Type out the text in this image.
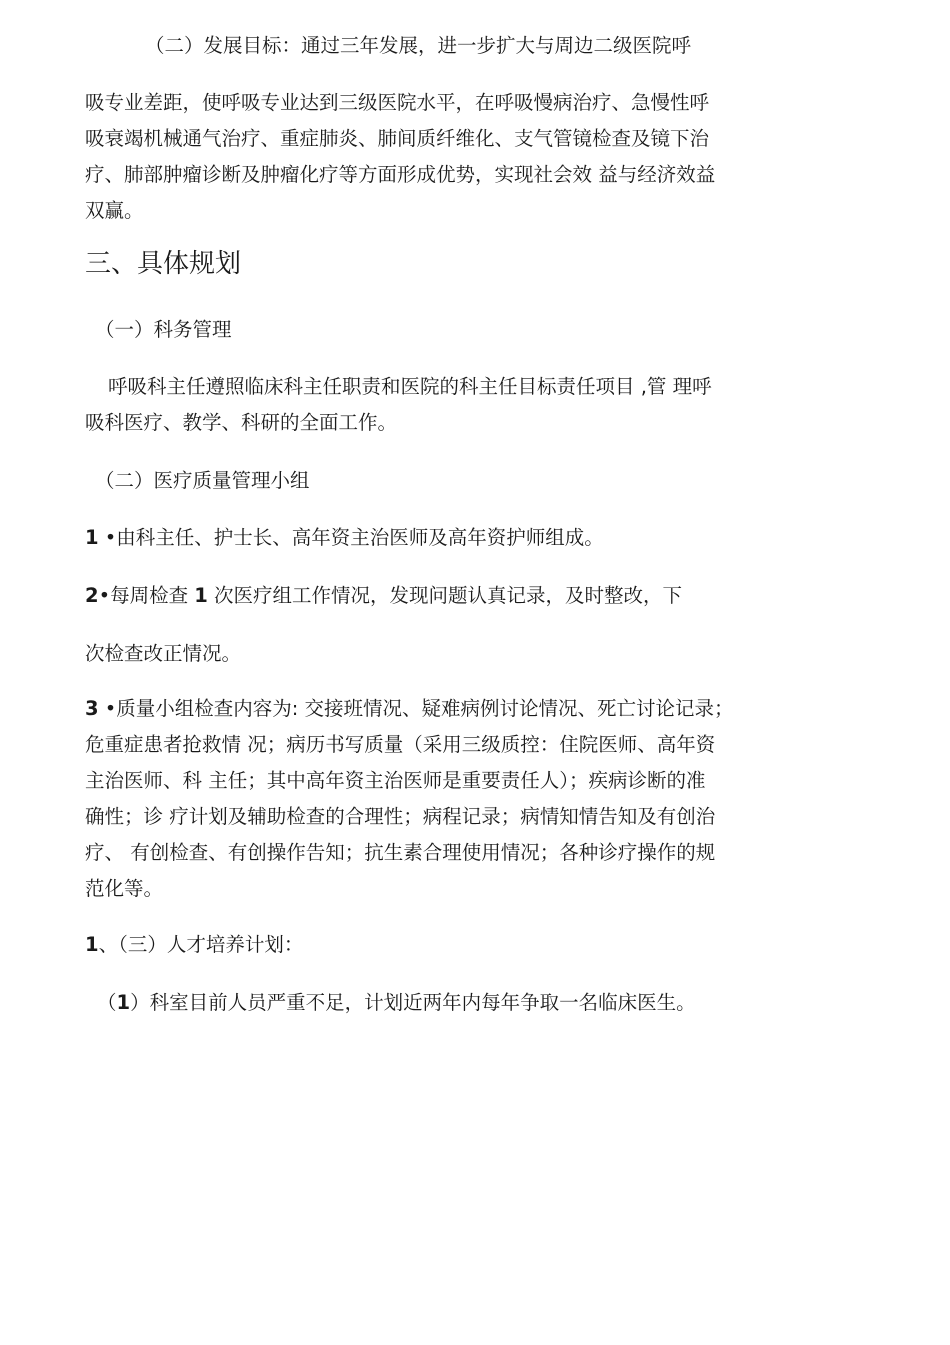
（二）发展目标：通过三年发展，进一步扩大与周边二级医院呼
吸专业差距，使呼吸专业达到三级医院水平，在呼吸慢病治疗、急慢性呼
吸衰竭机械通气治疗、重症肺炎、肺间质纤维化、支气管镜检查及镜下治
疗、肺部肿瘤诊断及肿瘤化疗等方面形成优势，实现社会效 益与经济效益
双赢。
三、具体规划
（一）科务管理
呼吸科主任遵照临床科主任职责和医院的科主任目标责任项目 ,管 理呼
吸科医疗、教学、科研的全面工作。
（二）医疗质量管理小组
1 •由科主任、护士长、高年资主治医师及高年资护师组成。
2•每周检查 1 次医疗组工作情况，发现问题认真记录，及时整改，下
次检查改正情况。
3 •质量小组检查内容为: 交接班情况、疑难病例讨论情况、死亡讨论记录；
危重症患者抢救情 况；病历书写质量（采用三级质控：住院医师、高年资
主治医师、科 主任；其中高年资主治医师是重要责任人）；疾病诊断的准
确性；诊 疗计划及辅助检查的合理性；病程记录；病情知情告知及有创治
疗、 有创检查、有创操作告知；抗生素合理使用情况；各种诊疗操作的规
范化等。
1、（三）人才培养计划：
（1）科室目前人员严重不足，计划近两年内每年争取一名临床医生。
